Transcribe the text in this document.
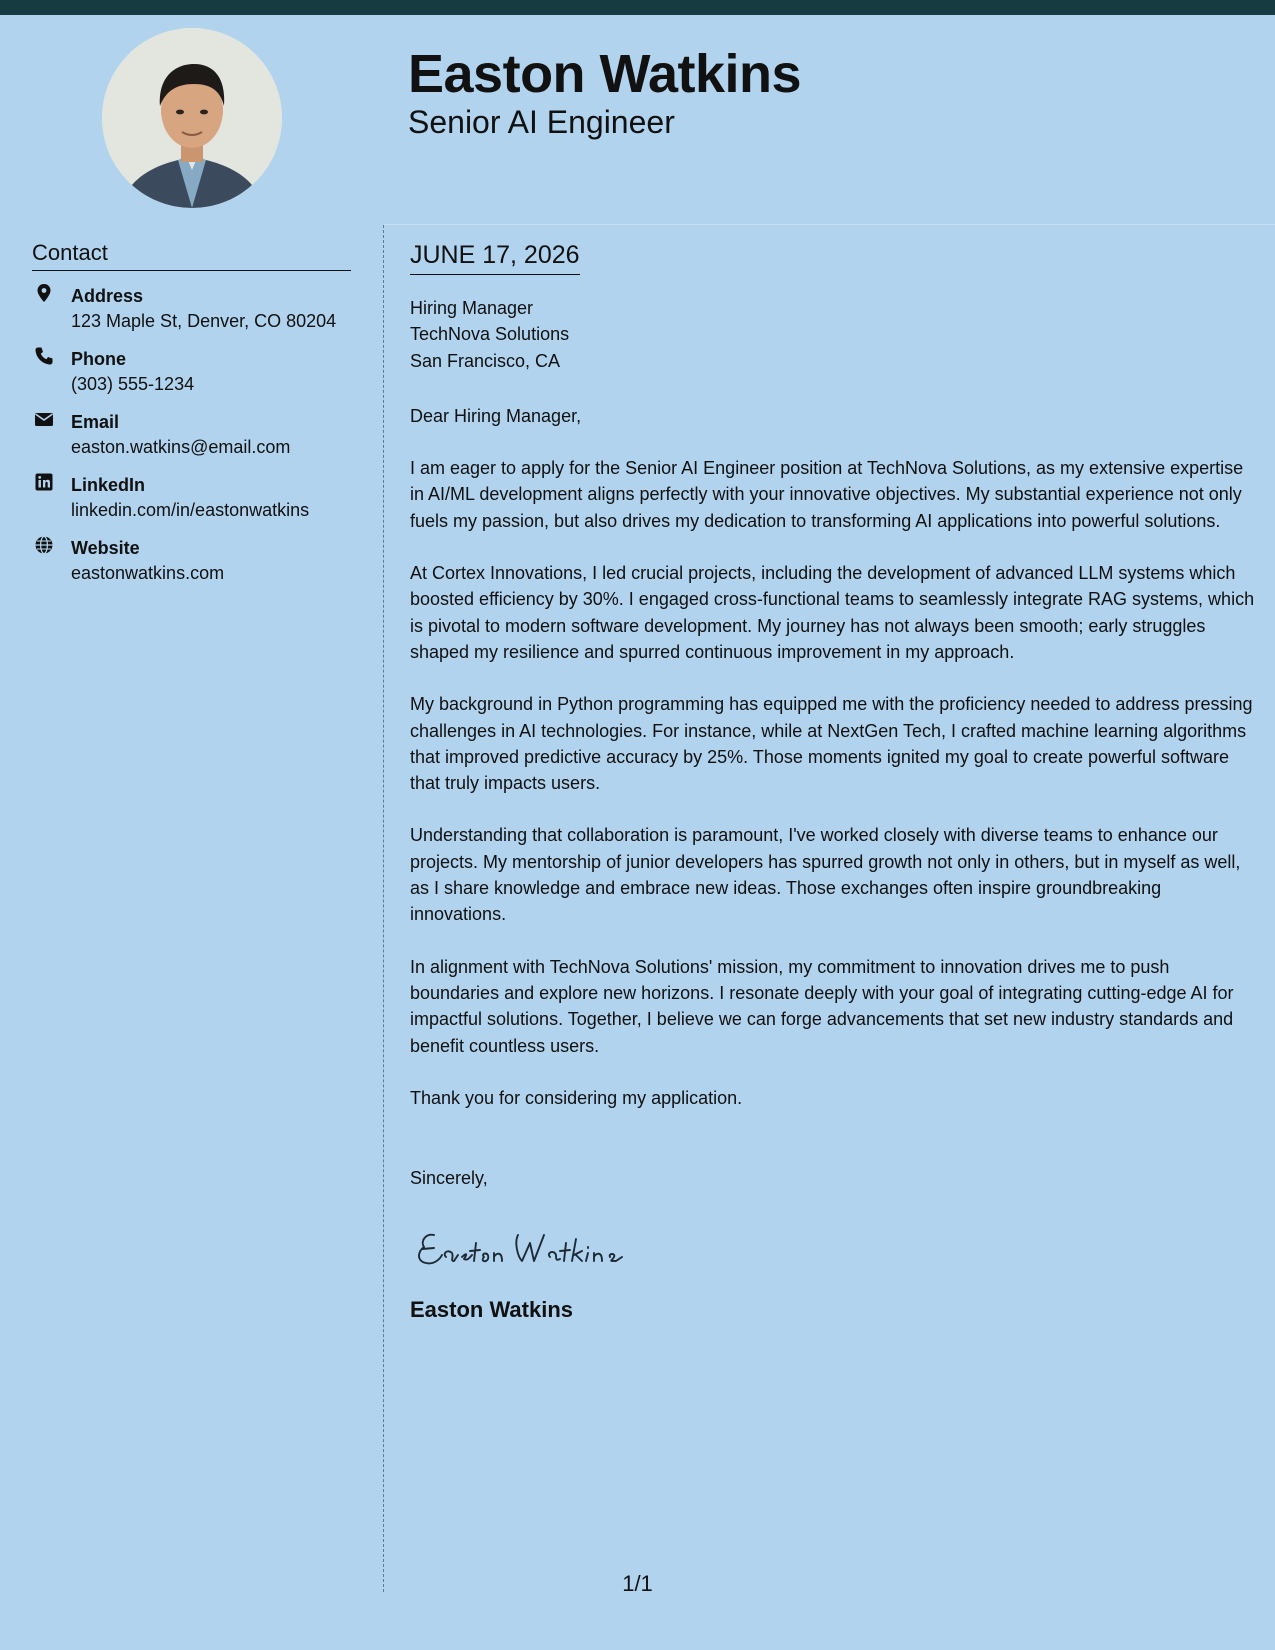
Easton Watkins
Senior AI Engineer
Contact
Address
123 Maple St, Denver, CO 80204
Phone
(303) 555-1234
Email
easton.watkins@email.com
LinkedIn
linkedin.com/in/eastonwatkins
Website
eastonwatkins.com
JUNE 17, 2026
Hiring Manager
TechNova Solutions
San Francisco, CA
Dear Hiring Manager,
I am eager to apply for the Senior AI Engineer position at TechNova Solutions, as my extensive expertise in AI/ML development aligns perfectly with your innovative objectives. My substantial experience not only fuels my passion, but also drives my dedication to transforming AI applications into powerful solutions.
At Cortex Innovations, I led crucial projects, including the development of advanced LLM systems which boosted efficiency by 30%. I engaged cross-functional teams to seamlessly integrate RAG systems, which is pivotal to modern software development. My journey has not always been smooth; early struggles shaped my resilience and spurred continuous improvement in my approach.
My background in Python programming has equipped me with the proficiency needed to address pressing challenges in AI technologies. For instance, while at NextGen Tech, I crafted machine learning algorithms that improved predictive accuracy by 25%. Those moments ignited my goal to create powerful software that truly impacts users.
Understanding that collaboration is paramount, I've worked closely with diverse teams to enhance our projects. My mentorship of junior developers has spurred growth not only in others, but in myself as well, as I share knowledge and embrace new ideas. Those exchanges often inspire groundbreaking innovations.
In alignment with TechNova Solutions' mission, my commitment to innovation drives me to push boundaries and explore new horizons. I resonate deeply with your goal of integrating cutting-edge AI for impactful solutions. Together, I believe we can forge advancements that set new industry standards and benefit countless users.
Thank you for considering my application.
Sincerely,
Easton Watkins
1/1
